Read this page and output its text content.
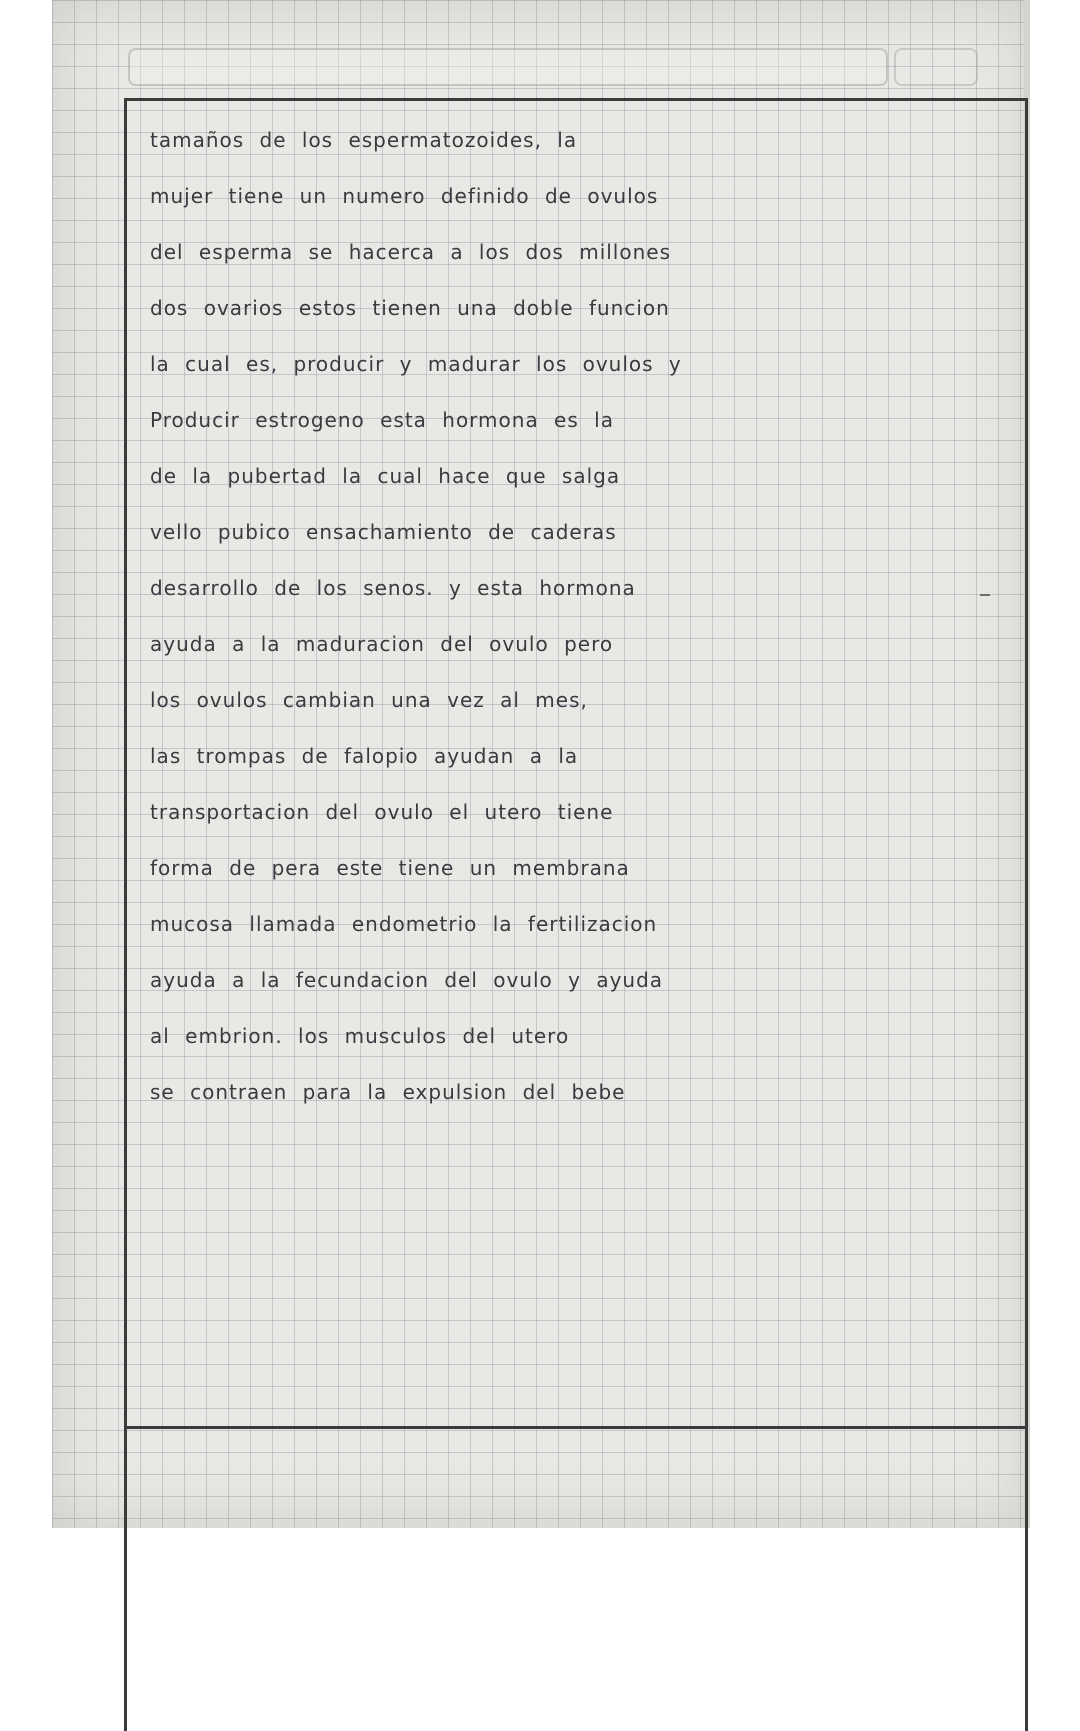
tamaños de los espermatozoides, la
mujer tiene un numero definido de ovulos
del esperma se hacerca a los dos millones
dos ovarios estos tienen una doble funcion
la cual es, producir y madurar los ovulos y
Producir estrogeno esta hormona es la
de la pubertad la cual hace que salga
vello pubico ensachamiento de caderas
desarrollo de los senos. y esta hormona
ayuda a la maduracion del ovulo pero
los ovulos cambian una vez al mes,
las trompas de falopio ayudan a la
transportacion del ovulo el utero tiene
forma de pera este tiene un membrana
mucosa llamada endometrio la fertilizacion
ayuda a la fecundacion del ovulo y ayuda
al embrion. los musculos del utero
se contraen para la expulsion del bebe
